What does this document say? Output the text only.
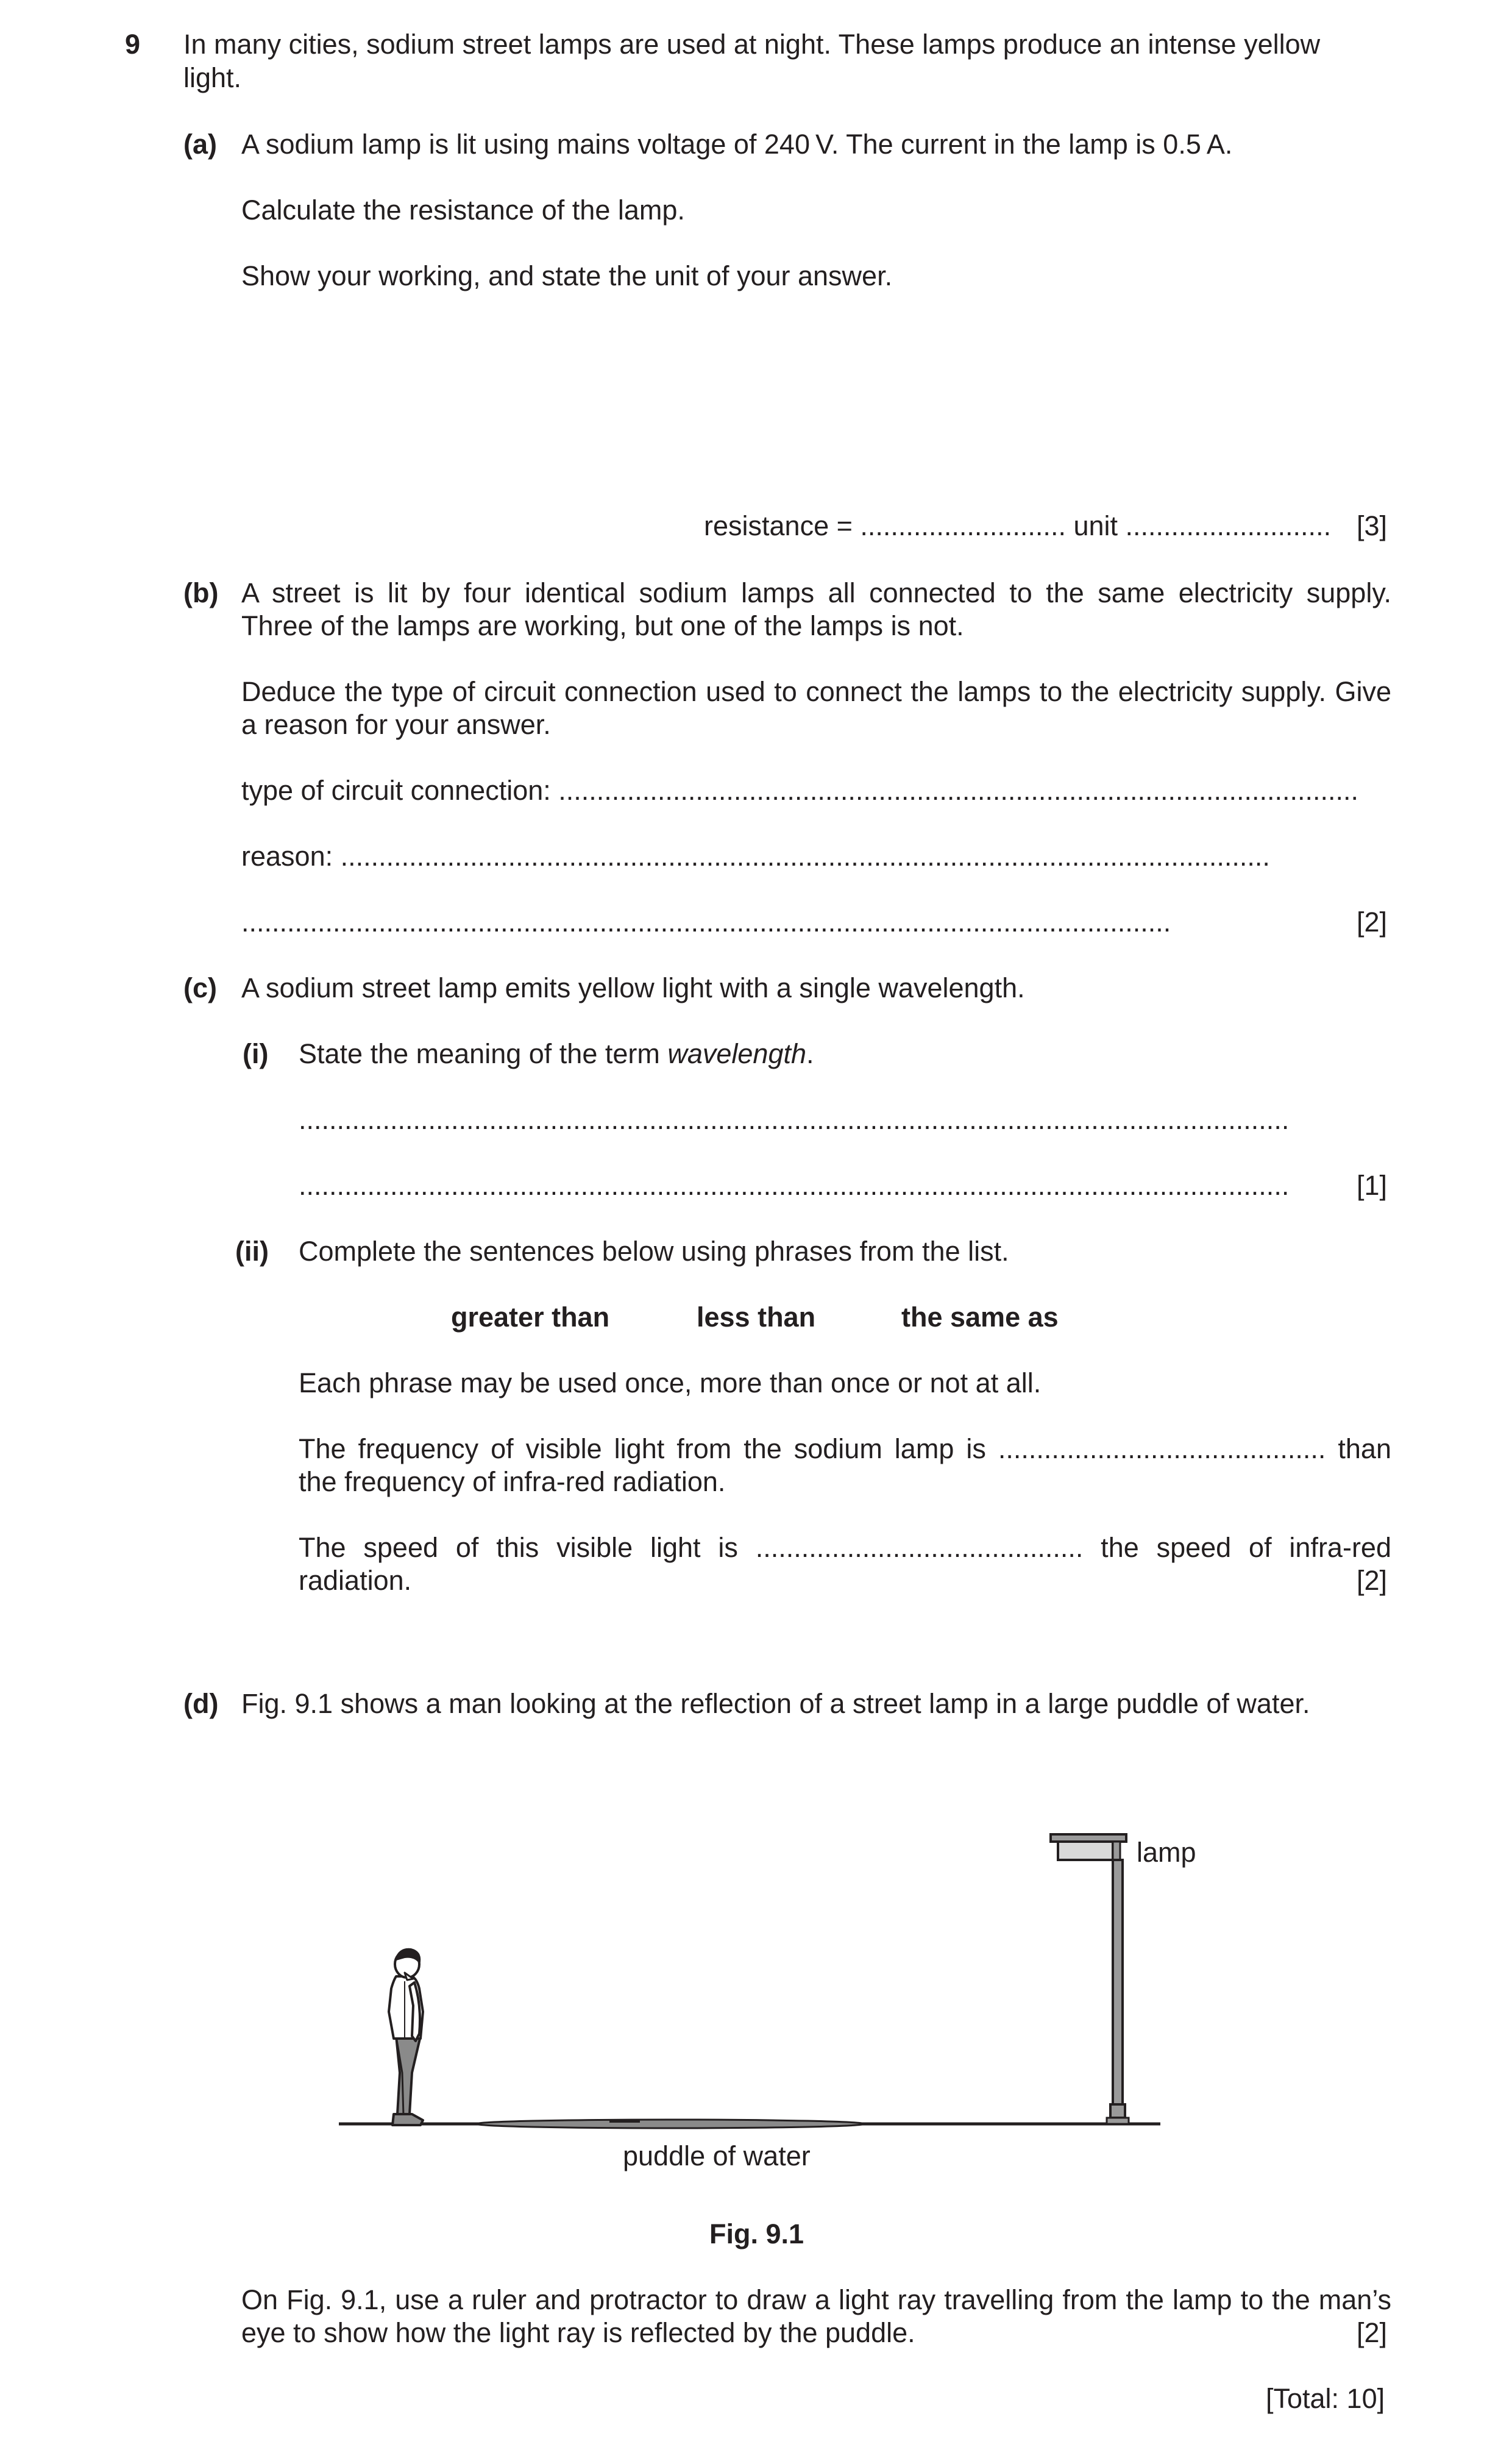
9 In many cities, sodium street lamps are used at night. These lamps produce an intense yellow
light.
(a) A sodium lamp is lit using mains voltage of 240 V. The current in the lamp is 0.5 A.
Calculate the resistance of the lamp.
Show your working, and state the unit of your answer.
resistance = ........................... unit ........................... [3]
(b) A street is lit by four identical sodium lamps all connected to the same electricity supply.
Three of the lamps are working, but one of the lamps is not.
Deduce the type of circuit connection used to connect the lamps to the electricity supply. Give
a reason for your answer.
type of circuit connection: .........................................................................................................
reason: ..........................................................................................................................
..........................................................................................................................	[2]
(c) A sodium street lamp emits yellow light with a single wavelength.
(i) State the meaning of the term wavelength.
..................................................................................................................................
..................................................................................................................................	[1]
(ii) Complete the sentences below using phrases from the list.
greater than	less than	the same as
Each phrase may be used once, more than once or not at all.
The frequency of visible light from the sodium lamp is ........................................... than
the frequency of infra-red radiation.
The speed of this visible light is ........................................... the speed of infra-red
radiation.	[2]
(d) Fig. 9.1 shows a man looking at the reflection of a street lamp in a large puddle of water.
lamp
puddle of water
Fig. 9.1
On Fig. 9.1, use a ruler and protractor to draw a light ray travelling from the lamp to the man’s
eye to show how the light ray is reflected by the puddle.	[2]
[Total: 10]
